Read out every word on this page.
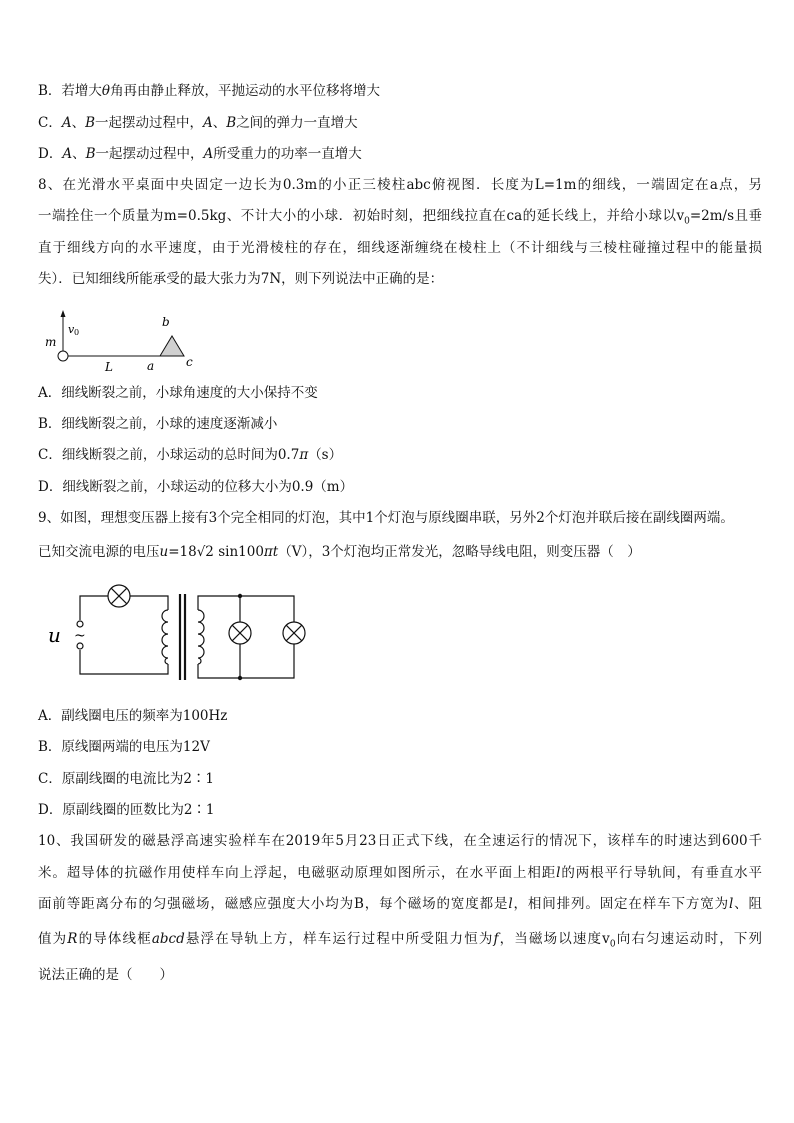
B．若增大θ角再由静止释放，平抛运动的水平位移将增大
C．A、B一起摆动过程中，A、B之间的弹力一直增大
D．A、B一起摆动过程中，A所受重力的功率一直增大
8、在光滑水平桌面中央固定一边长为0.3m的小正三棱柱abc俯视图．长度为L=1m的细线，一端固定在a点，另
一端拴住一个质量为m=0.5kg、不计大小的小球．初始时刻，把细线拉直在ca的延长线上，并给小球以$v_0=2m/s$且垂
直于细线方向的水平速度，由于光滑棱柱的存在，细线逐渐缠绕在棱柱上（不计细线与三棱柱碰撞过程中的能量损
失）．已知细线所能承受的最大张力为7N，则下列说法中正确的是：
m
v 0
L	a
b
c
A．细线断裂之前，小球角速度的大小保持不变
B．细线断裂之前，小球的速度逐渐减小
C．细线断裂之前，小球运动的总时间为0.7π（s）
D．细线断裂之前，小球运动的位移大小为0.9（m）
9、如图，理想变压器上接有3个完全相同的灯泡，其中1个灯泡与原线圈串联，另外2个灯泡并联后接在副线圈两端。
已知交流电源的电压u=18√2 sin100πt（V），3个灯泡均正常发光，忽略导线电阻，则变压器（　）
u ~
A．副线圈电压的频率为100Hz
B．原线圈两端的电压为12V
C．原副线圈的电流比为2∶1
D．原副线圈的匝数比为2∶1
10、我国研发的磁悬浮高速实验样车在2019年5月23日正式下线，在全速运行的情况下，该样车的时速达到600千
米。超导体的抗磁作用使样车向上浮起，电磁驱动原理如图所示，在水平面上相距l的两根平行导轨间，有垂直水平
面前等距离分布的匀强磁场，磁感应强度大小均为B，每个磁场的宽度都是l，相间排列。固定在样车下方宽为l、阻
值为R的导体线框abcd悬浮在导轨上方，样车运行过程中所受阻力恒为f，当磁场以速度$v_0$向右匀速运动时，下列
说法正确的是（　　）
